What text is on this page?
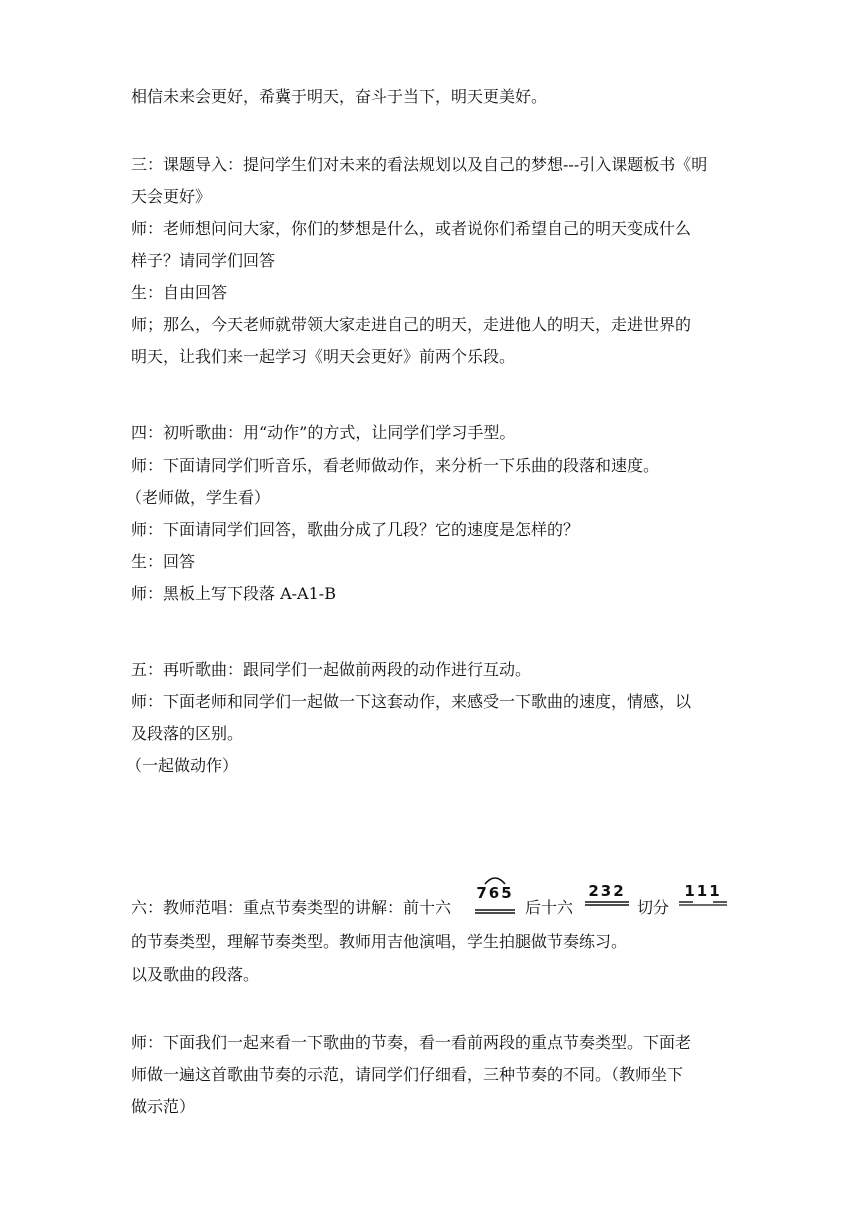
相信未来会更好，希冀于明天，奋斗于当下，明天更美好。
三：课题导入：提问学生们对未来的看法规划以及自己的梦想---引入课题板书《明
天会更好》
师：老师想问问大家，你们的梦想是什么，或者说你们希望自己的明天变成什么
样子？请同学们回答
生：自由回答
师；那么，今天老师就带领大家走进自己的明天，走进他人的明天，走进世界的
明天，让我们来一起学习《明天会更好》前两个乐段。
四：初听歌曲：用“动作”的方式，让同学们学习手型。
师：下面请同学们听音乐，看老师做动作，来分析一下乐曲的段落和速度。
（老师做，学生看）
师：下面请同学们回答，歌曲分成了几段？它的速度是怎样的？
生：回答
师：黑板上写下段落 A-A1-B
五：再听歌曲：跟同学们一起做前两段的动作进行互动。
师：下面老师和同学们一起做一下这套动作，来感受一下歌曲的速度，情感，以
及段落的区别。
（一起做动作）
六：教师范唱：重点节奏类型的讲解：前十六
765
后十六
232
切分
111
的节奏类型，理解节奏类型。教师用吉他演唱，学生拍腿做节奏练习。
以及歌曲的段落。
师：下面我们一起来看一下歌曲的节奏，看一看前两段的重点节奏类型。下面老
师做一遍这首歌曲节奏的示范，请同学们仔细看，三种节奏的不同。（教师坐下
做示范）
